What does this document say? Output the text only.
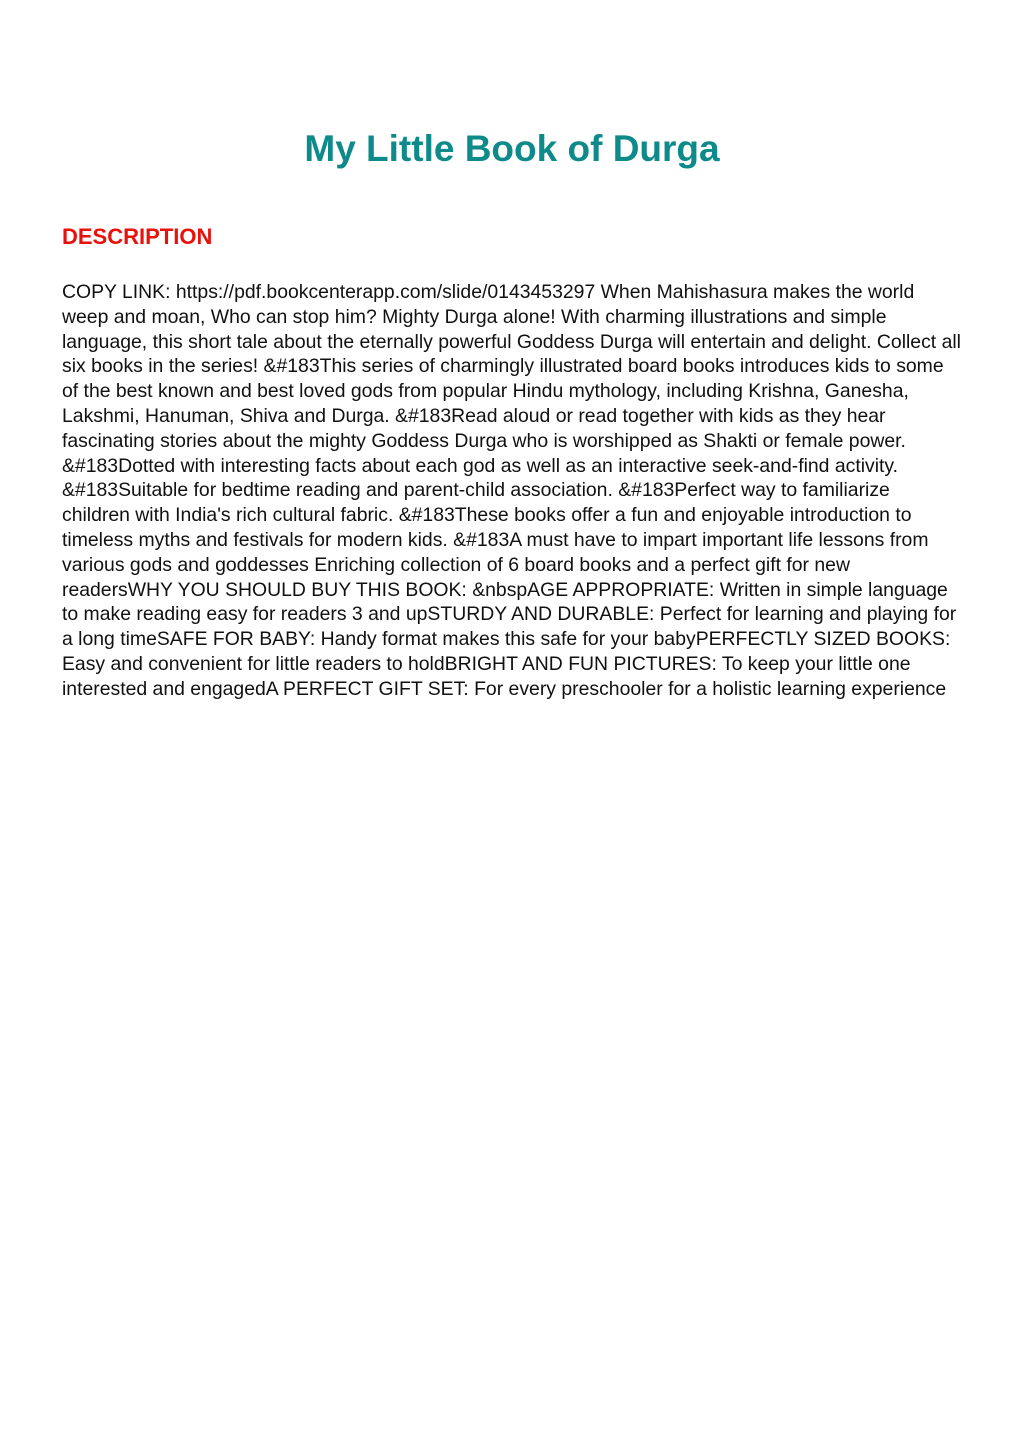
My Little Book of Durga
DESCRIPTION

COPY LINK: https://pdf.bookcenterapp.com/slide/0143453297 When Mahishasura makes the world weep and moan, Who can stop him? Mighty Durga alone! With charming illustrations and simple language, this short tale about the eternally powerful Goddess Durga will entertain and delight. Collect all six books in the series! &#183This series of charmingly illustrated board books introduces kids to some of the best known and best loved gods from popular Hindu mythology, including Krishna, Ganesha, Lakshmi, Hanuman, Shiva and Durga. &#183Read aloud or read together with kids as they hear fascinating stories about the mighty Goddess Durga who is worshipped as Shakti or female power. &#183Dotted with interesting facts about each god as well as an interactive seek-and-find activity. &#183Suitable for bedtime reading and parent-child association. &#183Perfect way to familiarize children with India's rich cultural fabric. &#183These books offer a fun and enjoyable introduction to timeless myths and festivals for modern kids. &#183A must have to impart important life lessons from various gods and goddesses Enriching collection of 6 board books and a perfect gift for new readersWHY YOU SHOULD BUY THIS BOOK: &nbspAGE APPROPRIATE: Written in simple language to make reading easy for readers 3 and upSTURDY AND DURABLE: Perfect for learning and playing for a long timeSAFE FOR BABY: Handy format makes this safe for your babyPERFECTLY SIZED BOOKS: Easy and convenient for little readers to holdBRIGHT AND FUN PICTURES: To keep your little one interested and engagedA PERFECT GIFT SET: For every preschooler for a holistic learning experience
